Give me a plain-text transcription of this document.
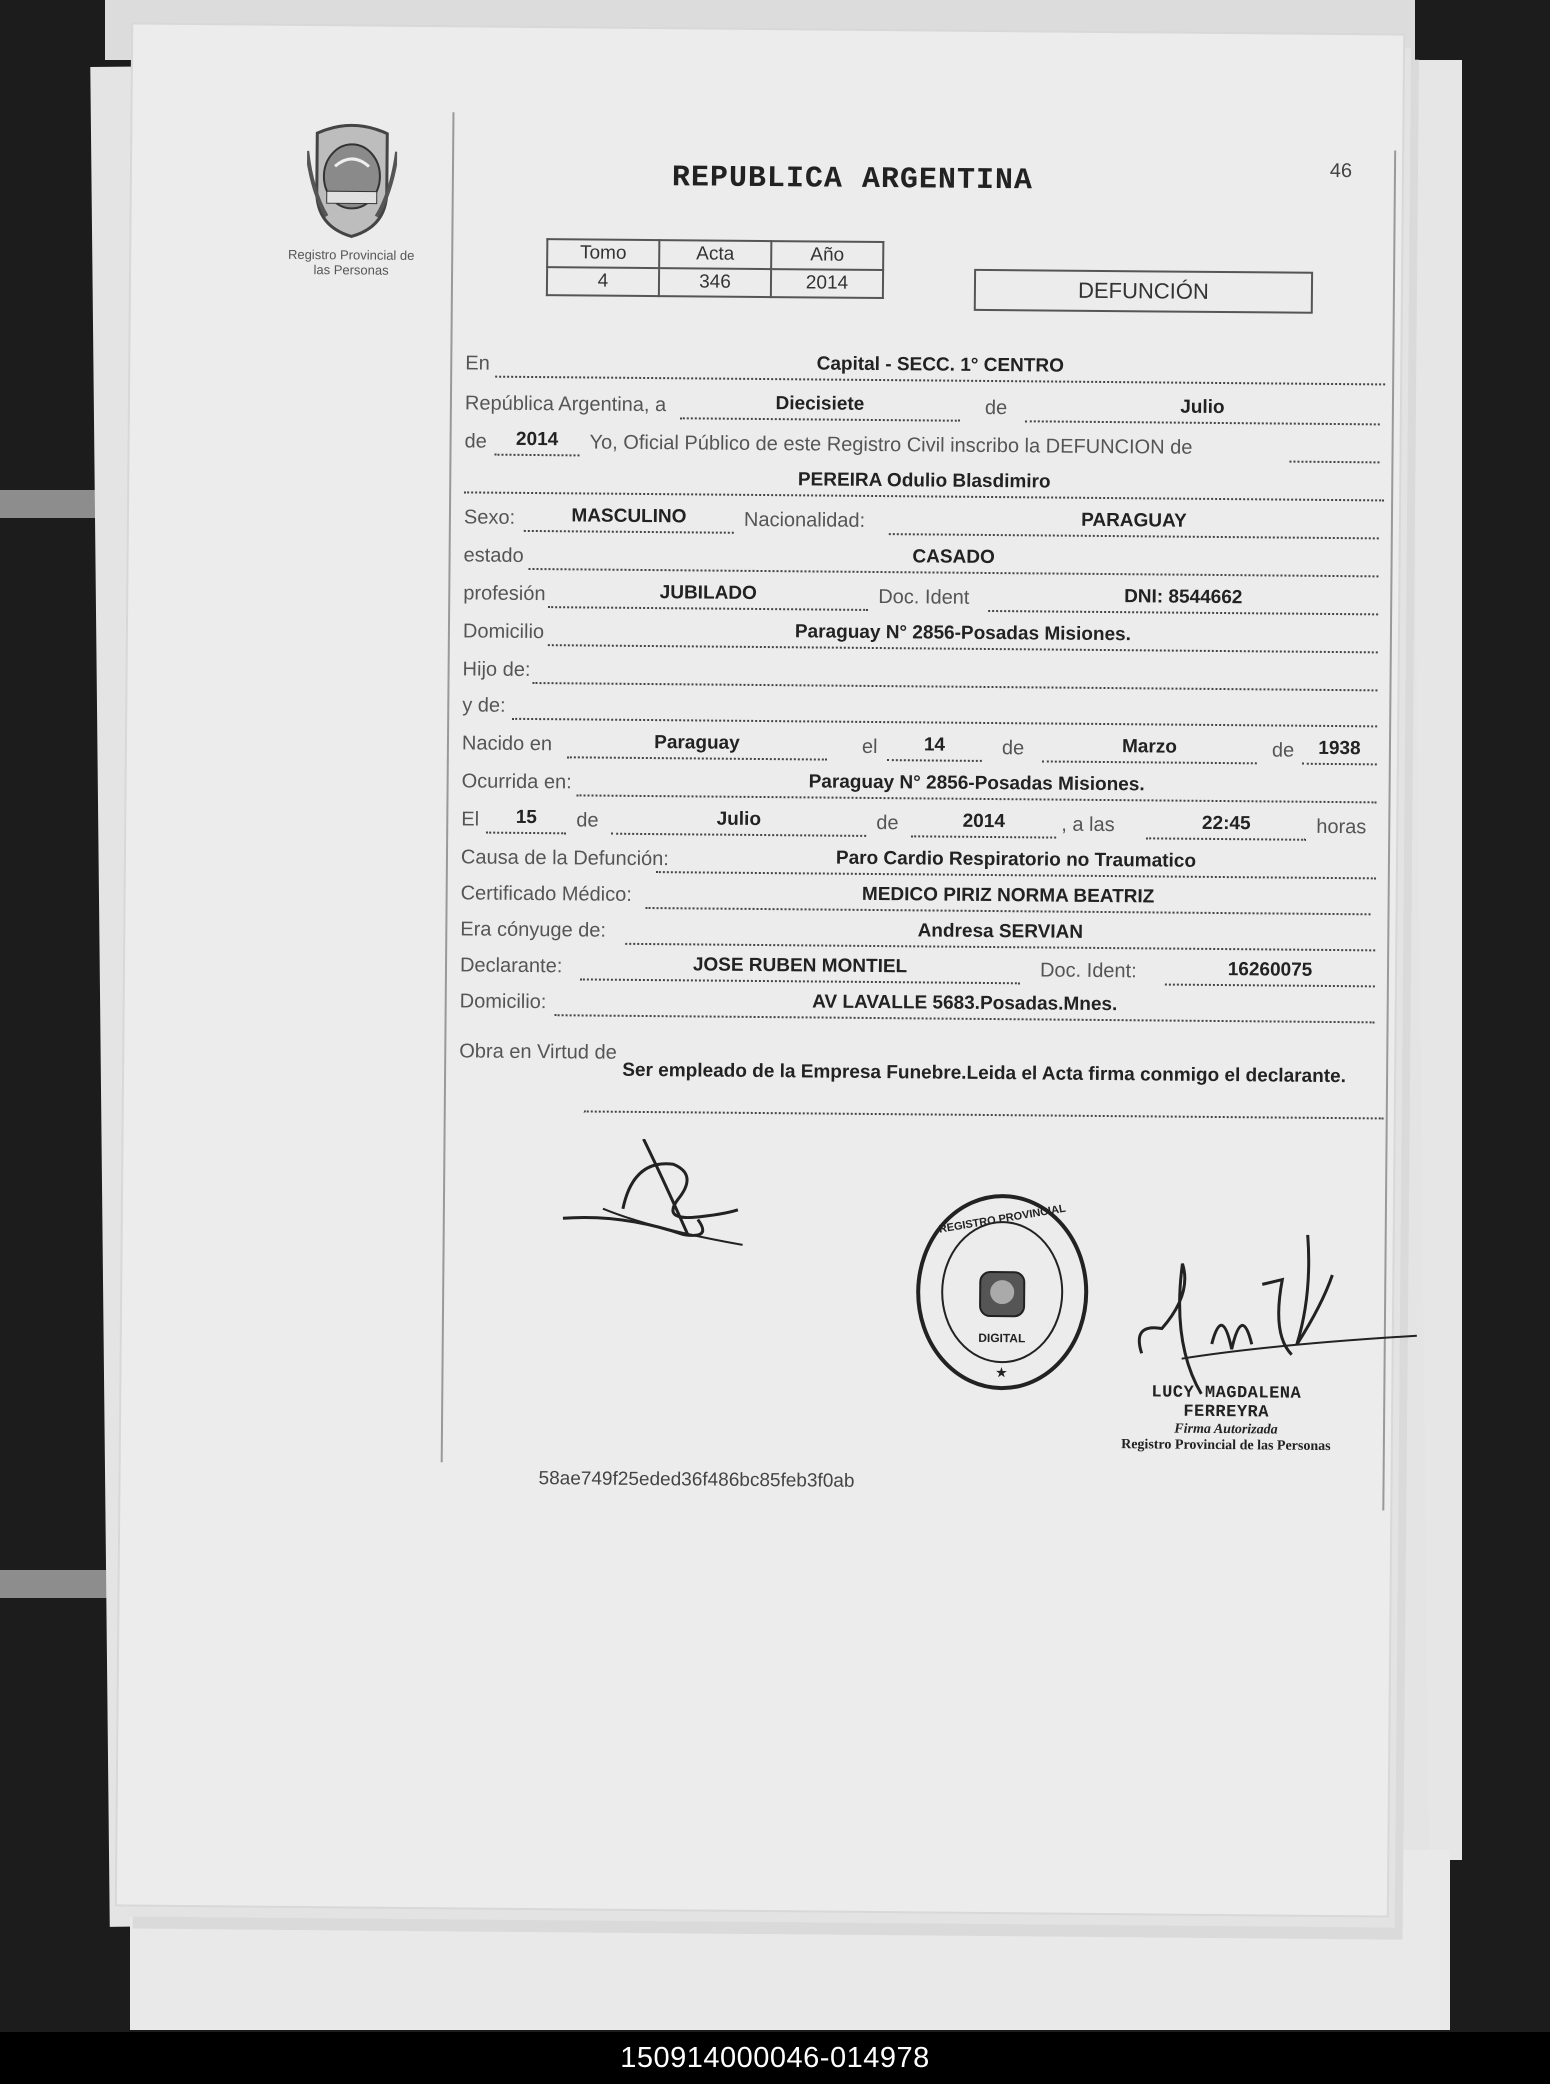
46
Registro Provincial de
las Personas
REPUBLICA ARGENTINA
Tomo	Acta	Año
4	346	2014	DEFUNCIÓN
En	Capital - SECC. 1° CENTRO
República Argentina, a	Diecisiete	de	Julio
de	2014	Yo, Oficial Público de este Registro Civil inscribo la DEFUNCION de
PEREIRA Odulio Blasdimiro
Sexo:	MASCULINO	Nacionalidad:	PARAGUAY
estado	CASADO
profesión	JUBILADO	Doc. Ident	DNI: 8544662
Domicilio	Paraguay N° 2856-Posadas Misiones.
Hijo de:
y de:
Nacido en	Paraguay	el	14	de	Marzo	de	1938
Ocurrida en:	Paraguay N° 2856-Posadas Misiones.
El	15	de	Julio	de	2014	, a las	22:45	horas
Causa de la Defunción:	Paro Cardio Respiratorio no Traumatico
Certificado Médico:	MEDICO PIRIZ NORMA BEATRIZ
Era cónyuge de:	Andresa SERVIAN
Declarante:	JOSE RUBEN MONTIEL	Doc. Ident:	16260075
Domicilio:	AV LAVALLE 5683.Posadas.Mnes.
Obra en Virtud de
Ser empleado de la Empresa Funebre.Leida el Acta firma conmigo el declarante.
REGISTRO PROVINCIAL
DIGITAL
★
LUCY MAGDALENA FERREYRA
Firma Autorizada
Registro Provincial de las Personas
58ae749f25eded36f486bc85feb3f0ab
150914000046-014978
